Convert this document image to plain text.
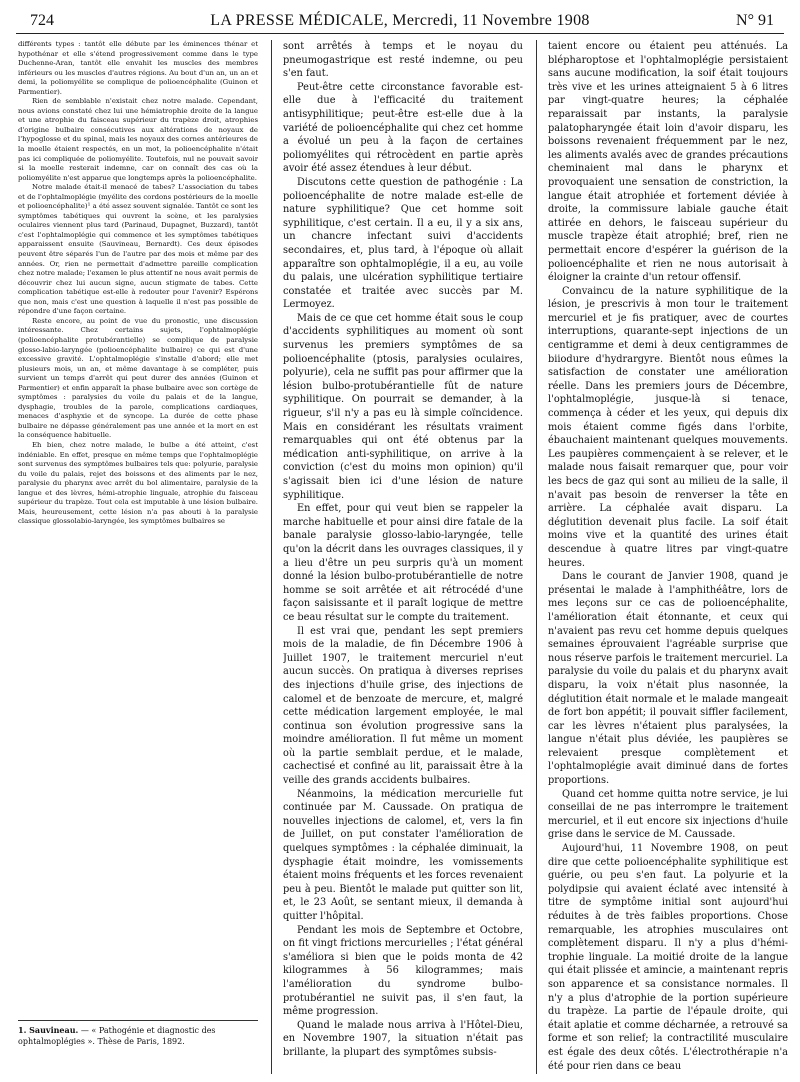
724	LA PRESSE MÉDICALE, Mercredi, 11 Novembre 1908	N° 91

différents types : tantôt elle débute par les éminences thénar et hypothénar et elle s'étend progressivement comme dans le type Duchenne-Aran, tantôt elle envahit les muscles des membres inférieurs ou les muscles d'autres régions. Au bout d'un an, un an et demi, la poliomyélite se complique de polioencéphalite (Guinon et Parmentier).

Rien de semblable n'existait chez notre malade. Cependant, nous avions constaté chez lui une hémiatrophie droite de la langue et une atrophie du faisceau supérieur du trapèze droit, atrophies d'origine bulbaire consécutives aux altérations de noyaux de l'hypoglosse et du spinal, mais les noyaux des cornes antérieures de la moelle étaient respectés, en un mot, la polioencéphalite n'était pas ici compliquée de poliomyélite. Toutefois, nul ne pouvait savoir si la moelle resterait indemne, car on connaît des cas où la poliomyélite n'est apparue que longtemps après la polioencéphalite.

Notre malade était-il menacé de tabes? L'association du tabes et de l'ophtalmoplégie (myélite des cordons postérieurs de la moelle et polioencéphalite)¹ a été assez souvent signalée. Tantôt ce sont les symptômes tabétiques qui ouvrent la scène, et les paralysies oculaires viennent plus tard (Parinaud, Dupagnet, Buzzard), tantôt c'est l'ophtalmoplégie qui commence et les symptômes tabétiques apparaissent ensuite (Sauvineau, Bernardt). Ces deux épisodes peuvent être séparés l'un de l'autre par des mois et même par des années. Or, rien ne permettait d'admettre pareille complication chez notre malade; l'examen le plus attentif ne nous avait permis de découvrir chez lui aucun signe, aucun stigmate de tabes. Cette complication tabétique est-elle à redouter pour l'avenir? Espérons que non, mais c'est une question à laquelle il n'est pas possible de répondre d'une façon certaine.

Reste encore, au point de vue du pronostic, une discussion intéressante. Chez certains sujets, l'ophtalmoplégie (polioencéphalite protubérantielle) se complique de paralysie glosso-labio-laryngée (polioencéphalite bulbaire) ce qui est d'une excessive gravité. L'ophtalmoplégie s'installe d'abord; elle met plusieurs mois, un an, et même davantage à se compléter, puis survient un temps d'arrêt qui peut durer des années (Guinon et Parmentier) et enfin apparaît la phase bulbaire avec son cortège de symptômes : paralysies du voile du palais et de la langue, dysphagie, troubles de la parole, complications cardiaques, menaces d'asphyxie et de syncope. La durée de cette phase bulbaire ne dépasse généralement pas une année et la mort en est la conséquence habituelle.

Eh bien, chez notre malade, le bulbe a été atteint, c'est indéniable. En effet, presque en même temps que l'ophtalmoplégie sont survenus des symptômes bulbaires tels que: polyurie, paralysie du voile du palais, rejet des boissons et des aliments par le nez, paralysie du pharynx avec arrêt du bol alimentaire, paralysie de la langue et des lèvres, hémi-atrophie linguale, atrophie du faisceau supérieur du trapèze. Tout cela est imputable à une lésion bulbaire. Mais, heureusement, cette lésion n'a pas abouti à la paralysie classique glossolabio-laryngée, les symptômes bulbaires se

sont arrêtés à temps et le noyau du pneumogastrique est resté indemne, ou peu s'en faut.

Peut-être cette circonstance favorable est-elle due à l'efficacité du traitement antisyphilitique; peut-être est-elle due à la variété de polioencéphalite qui chez cet homme a évolué un peu à la façon de certaines poliomyélites qui rétrocèdent en partie après avoir été assez étendues à leur début.

Discutons cette question de pathogénie : La polioencéphalite de notre malade est-elle de nature syphilitique? Que cet homme soit syphilitique, c'est certain. Il a eu, il y a six ans, un chancre infectant suivi d'accidents secondaires, et, plus tard, à l'époque où allait apparaître son ophtalmoplégie, il a eu, au voile du palais, une ulcération syphilitique tertiaire constatée et traitée avec succès par M. Lermoyez.

Mais de ce que cet homme était sous le coup d'accidents syphilitiques au moment où sont survenus les premiers symptômes de sa polioencéphalite (ptosis, paralysies oculaires, polyurie), cela ne suffit pas pour affirmer que la lésion bulbo-protubérantielle fût de nature syphilitique. On pourrait se demander, à la rigueur, s'il n'y a pas eu là simple coïncidence. Mais en considérant les résultats vraiment remarquables qui ont été obtenus par la médication anti-syphilitique, on arrive à la conviction (c'est du moins mon opinion) qu'il s'agissait bien ici d'une lésion de nature syphilitique.

En effet, pour qui veut bien se rappeler la marche habituelle et pour ainsi dire fatale de la banale paralysie glosso-labio-laryngée, telle qu'on la décrit dans les ouvrages classiques, il y a lieu d'être un peu surpris qu'à un moment donné la lésion bulbo-protubérantielle de notre homme se soit arrêtée et ait rétrocédé d'une façon saisissante et il paraît logique de mettre ce beau résultat sur le compte du traitement.

Il est vrai que, pendant les sept premiers mois de la maladie, de fin Décembre 1906 à Juillet 1907, le traitement mercuriel n'eut aucun succès. On pratiqua à diverses reprises des injections d'huile grise, des injections de calomel et de benzoate de mercure, et, malgré cette médication largement employée, le mal continua son évolution progressive sans la moindre amélioration. Il fut même un moment où la partie semblait perdue, et le malade, cachectisé et confiné au lit, paraissait être à la veille des grands accidents bulbaires.

Néanmoins, la médication mercurielle fut continuée par M. Caussade. On pratiqua de nouvelles injections de calomel, et, vers la fin de Juillet, on put constater l'amélioration de quelques symptômes : la céphalée diminuait, la dysphagie était moindre, les vomissements étaient moins fréquents et les forces revenaient peu à peu. Bientôt le malade put quitter son lit, et, le 23 Août, se sentant mieux, il demanda à quitter l'hôpital.

Pendant les mois de Septembre et Octobre, on fit vingt frictions mercurielles ; l'état général s'améliora si bien que le poids monta de 42 kilogrammes à 56 kilogrammes; mais l'amélioration du syndrome bulbo-protubérantiel ne suivit pas, il s'en faut, la même progression.

Quand le malade nous arriva à l'Hôtel-Dieu, en Novembre 1907, la situation n'était pas brillante, la plupart des symptômes subsis-

taient encore ou étaient peu atténués. La blépharoptose et l'ophtalmoplégie persistaient sans aucune modification, la soif était toujours très vive et les urines atteignaient 5 à 6 litres par vingt-quatre heures; la céphalée reparaissait par instants, la paralysie palatopharyngée était loin d'avoir disparu, les boissons revenaient fréquemment par le nez, les aliments avalés avec de grandes précautions cheminaient mal dans le pharynx et provoquaient une sensation de constriction, la langue était atrophiée et fortement déviée à droite, la commissure labiale gauche était attirée en dehors, le faisceau supérieur du muscle trapèze était atrophié; bref, rien ne permettait encore d'espérer la guérison de la polioencéphalite et rien ne nous autorisait à éloigner la crainte d'un retour offensif.

Convaincu de la nature syphilitique de la lésion, je prescrivis à mon tour le traitement mercuriel et je fis pratiquer, avec de courtes interruptions, quarante-sept injections de un centigramme et demi à deux centigrammes de biiodure d'hydrargyre. Bientôt nous eûmes la satisfaction de constater une amélioration réelle. Dans les premiers jours de Décembre, l'ophtalmoplégie, jusque-là si tenace, commença à céder et les yeux, qui depuis dix mois étaient comme figés dans l'orbite, ébauchaient maintenant quelques mouvements. Les paupières commençaient à se relever, et le malade nous faisait remarquer que, pour voir les becs de gaz qui sont au milieu de la salle, il n'avait pas besoin de renverser la tête en arrière. La céphalée avait disparu. La déglutition devenait plus facile. La soif était moins vive et la quantité des urines était descendue à quatre litres par vingt-quatre heures.

Dans le courant de Janvier 1908, quand je présentai le malade à l'amphithéâtre, lors de mes leçons sur ce cas de polioencéphalite, l'amélioration était étonnante, et ceux qui n'avaient pas revu cet homme depuis quelques semaines éprouvaient l'agréable surprise que nous réserve parfois le traitement mercuriel. La paralysie du voile du palais et du pharynx avait disparu, la voix n'était plus nasonnée, la déglutition était normale et le malade mangeait de fort bon appétit; il pouvait siffler facilement, car les lèvres n'étaient plus paralysées, la langue n'était plus déviée, les paupières se relevaient presque complètement et l'ophtalmoplégie avait diminué dans de fortes proportions.

Quand cet homme quitta notre service, je lui conseillai de ne pas interrompre le traitement mercuriel, et il eut encore six injections d'huile grise dans le service de M. Caussade.

Aujourd'hui, 11 Novembre 1908, on peut dire que cette polioencéphalite syphilitique est guérie, ou peu s'en faut. La polyurie et la polydipsie qui avaient éclaté avec intensité à titre de symptôme initial sont aujourd'hui réduites à de très faibles proportions. Chose remarquable, les atrophies musculaires ont complètement disparu. Il n'y a plus d'hémi-trophie linguale. La moitié droite de la langue qui était plissée et amincie, a maintenant repris son apparence et sa consistance normales. Il n'y a plus d'atrophie de la portion supérieure du trapèze. La partie de l'épaule droite, qui était aplatie et comme décharnée, a retrouvé sa forme et son relief; la contractilité musculaire est égale des deux côtés. L'électrothérapie n'a été pour rien dans ce beau

1. Sauvineau. — « Pathogénie et diagnostic des ophtalmoplégies ». Thèse de Paris, 1892.
